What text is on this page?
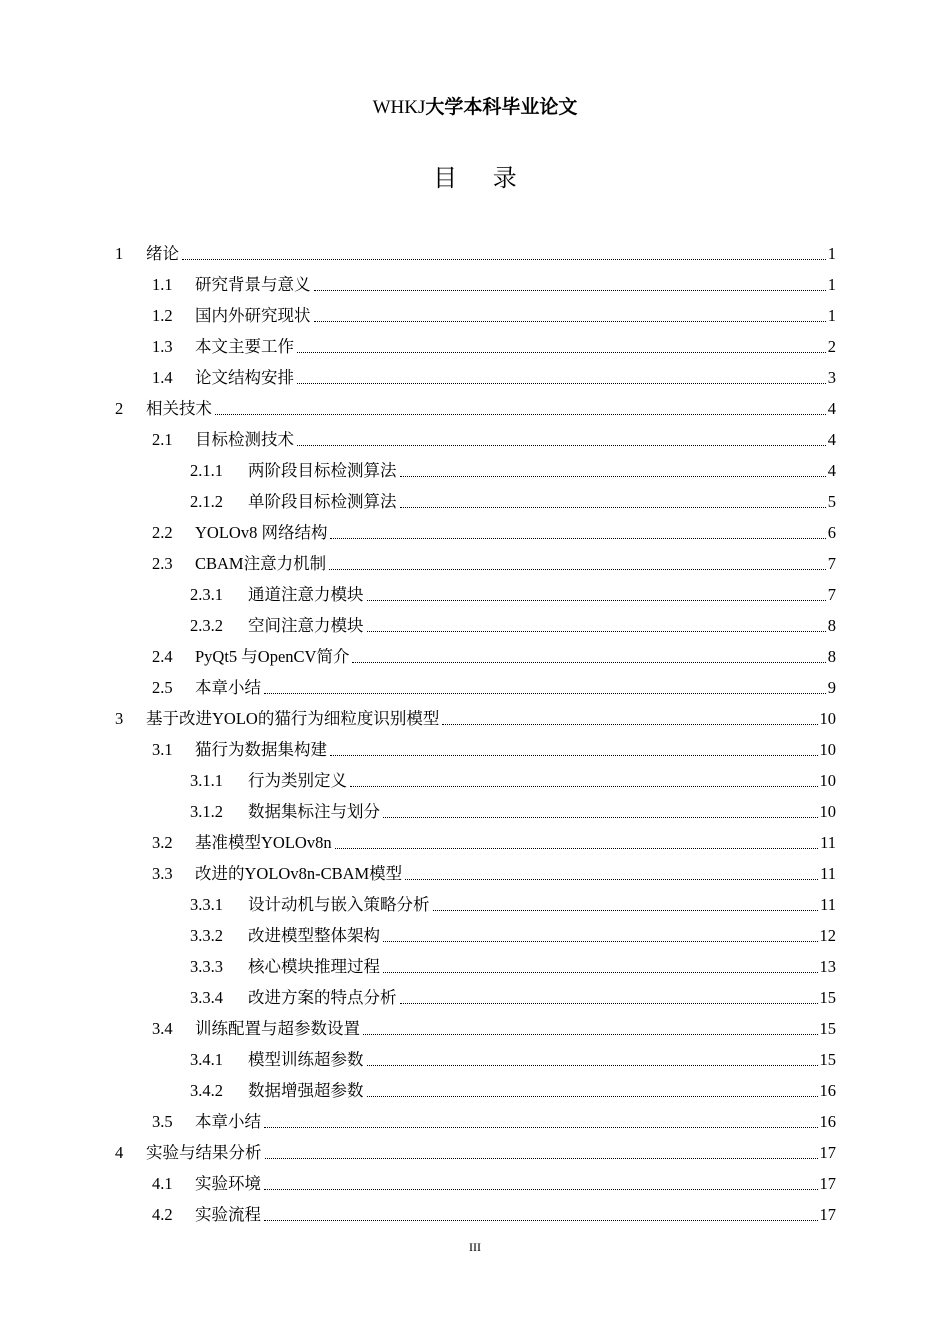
WHKJ大学本科毕业论文
目 录
1 绪论	1
1.1 研究背景与意义	1
1.2 国内外研究现状	1
1.3 本文主要工作	2
1.4 论文结构安排	3
2 相关技术	4
2.1 目标检测技术	4
2.1.1 两阶段目标检测算法	4
2.1.2 单阶段目标检测算法	5
2.2 YOLOv8 网络结构	6
2.3 CBAM注意力机制	7
2.3.1 通道注意力模块	7
2.3.2 空间注意力模块	8
2.4 PyQt5 与OpenCV简介	8
2.5 本章小结	9
3 基于改进YOLO的猫行为细粒度识别模型	10
3.1 猫行为数据集构建	10
3.1.1 行为类别定义	10
3.1.2 数据集标注与划分	10
3.2 基准模型YOLOv8n	11
3.3 改进的YOLOv8n-CBAM模型	11
3.3.1 设计动机与嵌入策略分析	11
3.3.2 改进模型整体架构	12
3.3.3 核心模块推理过程	13
3.3.4 改进方案的特点分析	15
3.4 训练配置与超参数设置	15
3.4.1 模型训练超参数	15
3.4.2 数据增强超参数	16
3.5 本章小结	16
4 实验与结果分析	17
4.1 实验环境	17
4.2 实验流程	17
III
